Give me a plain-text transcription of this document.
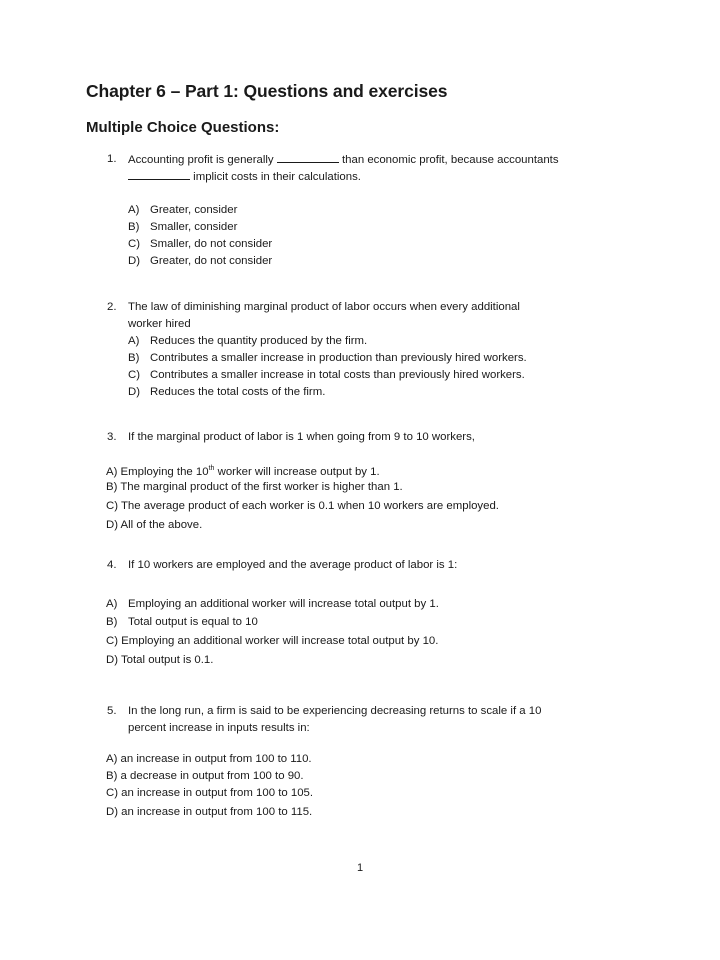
Chapter 6 – Part 1: Questions and exercises
Multiple Choice Questions:
1. Accounting profit is generally	than economic profit, because accountants
implicit costs in their calculations.
A) Greater, consider
B) Smaller, consider
C) Smaller, do not consider
D) Greater, do not consider
2. The law of diminishing marginal product of labor occurs when every additional
worker hired
A) Reduces the quantity produced by the firm.
B) Contributes a smaller increase in production than previously hired workers.
C) Contributes a smaller increase in total costs than previously hired workers.
D) Reduces the total costs of the firm.
3. If the marginal product of labor is 1 when going from 9 to 10 workers,
A) Employing the 10th worker will increase output by 1.
B) The marginal product of the first worker is higher than 1.
C) The average product of each worker is 0.1 when 10 workers are employed.
D) All of the above.
4. If 10 workers are employed and the average product of labor is 1:
A) Employing an additional worker will increase total output by 1.
B) Total output is equal to 10
C) Employing an additional worker will increase total output by 10.
D) Total output is 0.1.
5. In the long run, a firm is said to be experiencing decreasing returns to scale if a 10
percent increase in inputs results in:
A) an increase in output from 100 to 110.
B) a decrease in output from 100 to 90.
C) an increase in output from 100 to 105.
D) an increase in output from 100 to 115.
1
